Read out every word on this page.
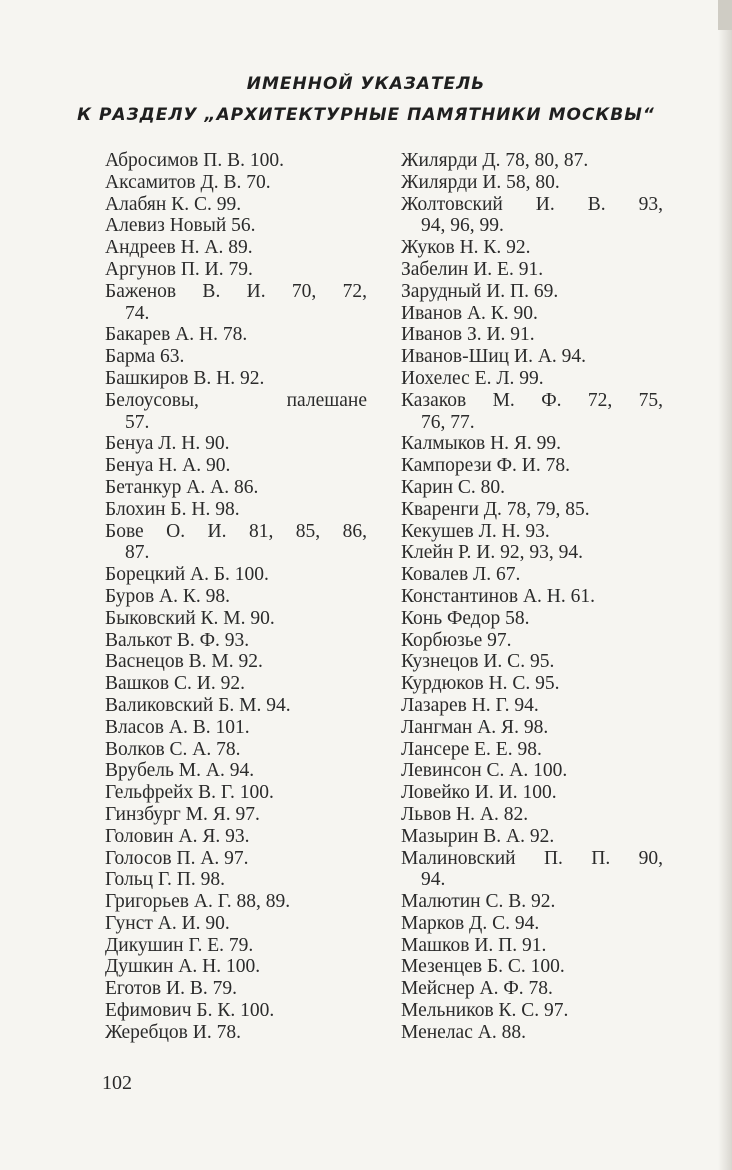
ИМЕННОЙ УКАЗАТЕЛЬ
К РАЗДЕЛУ „АРХИТЕКТУРНЫЕ ПАМЯТНИКИ МОСКВЫ“
Абросимов П. В. 100.
Аксамитов Д. В. 70.
Алабян К. С. 99.
Алевиз Новый 56.
Андреев Н. А. 89.
Аргунов П. И. 79.
Баженов В. И. 70, 72,
74.
Бакарев А. Н. 78.
Барма 63.
Башкиров В. Н. 92.
Белоусовы, палешане
57.
Бенуа Л. Н. 90.
Бенуа Н. А. 90.
Бетанкур А. А. 86.
Блохин Б. Н. 98.
Бове О. И. 81, 85, 86,
87.
Борецкий А. Б. 100.
Буров А. К. 98.
Быковский К. М. 90.
Валькот В. Ф. 93.
Васнецов В. М. 92.
Вашков С. И. 92.
Валиковский Б. М. 94.
Власов А. В. 101.
Волков С. А. 78.
Врубель М. А. 94.
Гельфрейх В. Г. 100.
Гинзбург М. Я. 97.
Головин А. Я. 93.
Голосов П. А. 97.
Гольц Г. П. 98.
Григорьев А. Г. 88, 89.
Гунст А. И. 90.
Дикушин Г. Е. 79.
Душкин А. Н. 100.
Еготов И. В. 79.
Ефимович Б. К. 100.
Жеребцов И. 78.
Жилярди Д. 78, 80, 87.
Жилярди И. 58, 80.
Жолтовский И. В. 93,
94, 96, 99.
Жуков Н. К. 92.
Забелин И. Е. 91.
Зарудный И. П. 69.
Иванов А. К. 90.
Иванов З. И. 91.
Иванов-Шиц И. А. 94.
Иохелес Е. Л. 99.
Казаков М. Ф. 72, 75,
76, 77.
Калмыков Н. Я. 99.
Кампорези Ф. И. 78.
Карин С. 80.
Кваренги Д. 78, 79, 85.
Кекушев Л. Н. 93.
Клейн Р. И. 92, 93, 94.
Ковалев Л. 67.
Константинов А. Н. 61.
Конь Федор 58.
Корбюзье 97.
Кузнецов И. С. 95.
Курдюков Н. С. 95.
Лазарев Н. Г. 94.
Лангман А. Я. 98.
Лансере Е. Е. 98.
Левинсон С. А. 100.
Ловейко И. И. 100.
Львов Н. А. 82.
Мазырин В. А. 92.
Малиновский П. П. 90,
94.
Малютин С. В. 92.
Марков Д. С. 94.
Машков И. П. 91.
Мезенцев Б. С. 100.
Мейснер А. Ф. 78.
Мельников К. С. 97.
Менелас А. 88.
102
